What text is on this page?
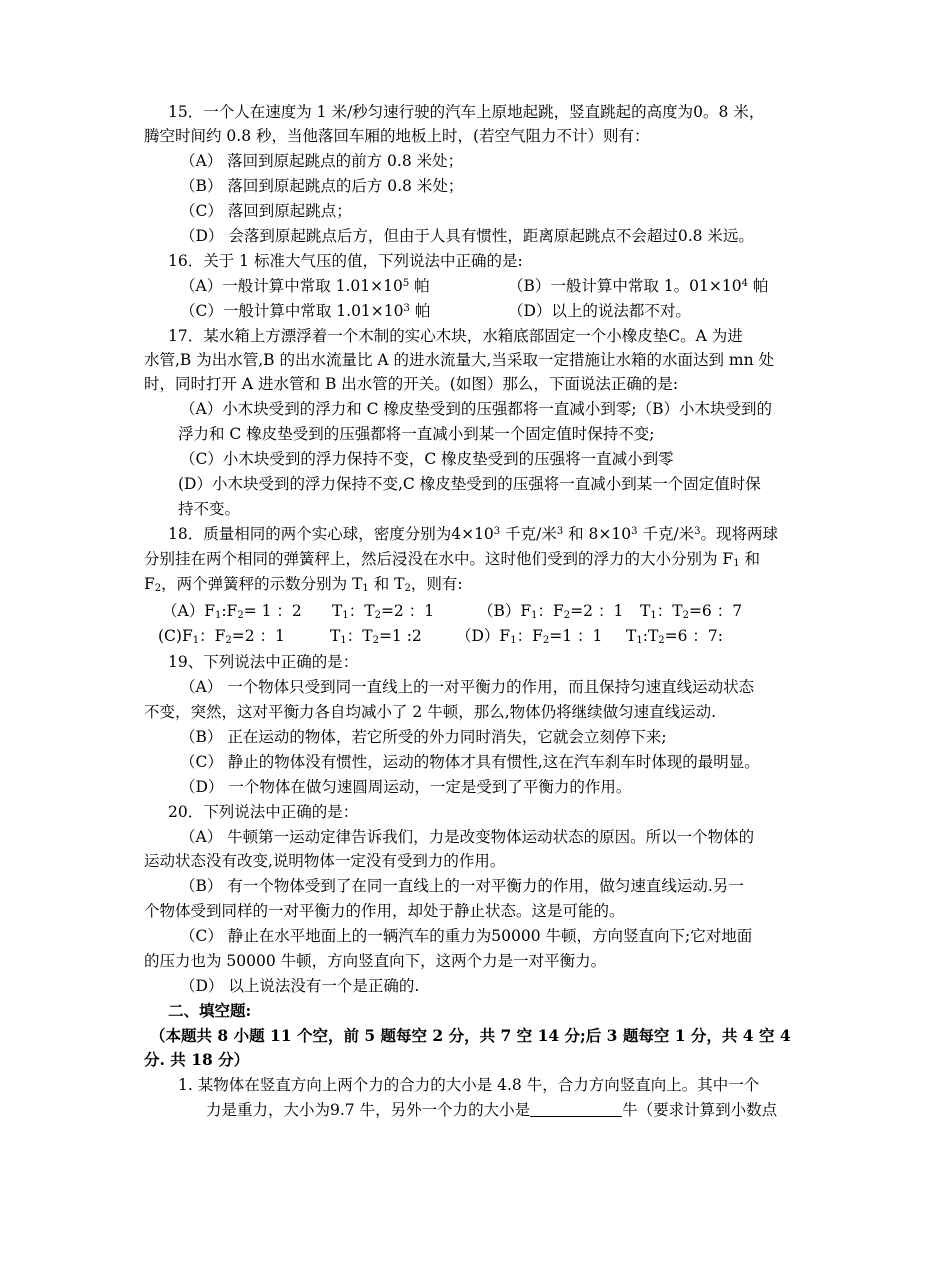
15．一个人在速度为 1 米/秒匀速行驶的汽车上原地起跳，竖直跳起的高度为0。8 米，
腾空时间约 0.8 秒，当他落回车厢的地板上时，(若空气阻力不计）则有：
（A） 落回到原起跳点的前方 0.8 米处；
（B） 落回到原起跳点的后方 0.8 米处；
（C） 落回到原起跳点；
（D） 会落到原起跳点后方，但由于人具有惯性，距离原起跳点不会超过0.8 米远。
16．关于 1 标准大气压的值，下列说法中正确的是:
（A）一般计算中常取 $1.01\times 10^5$ 帕	（B）一般计算中常取 1。$01\times 10^4$ 帕
（C）一般计算中常取 $1.01\times 10^3$ 帕	（D）以上的说法都不对。
17．某水箱上方漂浮着一个木制的实心木块，水箱底部固定一个小橡皮垫C。A 为进
水管,B 为出水管,B 的出水流量比 A 的进水流量大,当采取一定措施让水箱的水面达到 mn 处
时，同时打开 A 进水管和 B 出水管的开关。(如图）那么，下面说法正确的是:
（A）小木块受到的浮力和 C 橡皮垫受到的压强都将一直减小到零;（B）小木块受到的
浮力和 C 橡皮垫受到的压强都将一直减小到某一个固定值时保持不变;
（C）小木块受到的浮力保持不变，C 橡皮垫受到的压强将一直减小到零
(D）小木块受到的浮力保持不变,C 橡皮垫受到的压强将一直减小到某一个固定值时保
持不变。
18．质量相同的两个实心球，密度分别为$4\times 10^3$ 千克/米$^3$ 和 $8\times 10^3$ 千克/米$^3$。现将两球
分别挂在两个相同的弹簧秤上，然后浸没在水中。这时他们受到的浮力的大小分别为 $F_1$ 和
$F_2$，两个弹簧秤的示数分别为 $T_1$ 和 $T_2$，则有:
$(A)F_1:F_2= 1$ ：2 $T_1$：$T_2=2$ ：1	$(B)F_1$：$F_2=2$ ：1 $T_1$：$T_2=6$ ：7
$(C)F_1$：$F_2=2$ ：1	$T_1$：$T_2=1$ :2 $(D)F_1$：$F_2=1$ ：1 $T_1:T_2=6$ ：7:
19、下列说法中正确的是：
（A） 一个物体只受到同一直线上的一对平衡力的作用，而且保持匀速直线运动状态
不变，突然，这对平衡力各自均减小了 2 牛顿，那么,物体仍将继续做匀速直线运动.
（B） 正在运动的物体，若它所受的外力同时消失，它就会立刻停下来;
（C） 静止的物体没有惯性，运动的物体才具有惯性,这在汽车刹车时体现的最明显。
（D） 一个物体在做匀速圆周运动，一定是受到了平衡力的作用。
20．下列说法中正确的是：
（A） 牛顿第一运动定律告诉我们，力是改变物体运动状态的原因。所以一个物体的
运动状态没有改变,说明物体一定没有受到力的作用。
（B） 有一个物体受到了在同一直线上的一对平衡力的作用，做匀速直线运动.另一
个物体受到同样的一对平衡力的作用，却处于静止状态。这是可能的。
（C） 静止在水平地面上的一辆汽车的重力为50000 牛顿，方向竖直向下;它对地面
的压力也为 50000 牛顿，方向竖直向下，这两个力是一对平衡力。
（D） 以上说法没有一个是正确的.
二、填空题:
（本题共 8 小题 11 个空，前 5 题每空 2 分，共 7 空 14 分;后 3 题每空 1 分，共 4 空 4
分. 共 18 分）
1. 某物体在竖直方向上两个力的合力的大小是 4.8 牛，合力方向竖直向上。其中一个
力是重力，大小为9.7 牛，另外一个力的大小是	牛（要求计算到小数点
